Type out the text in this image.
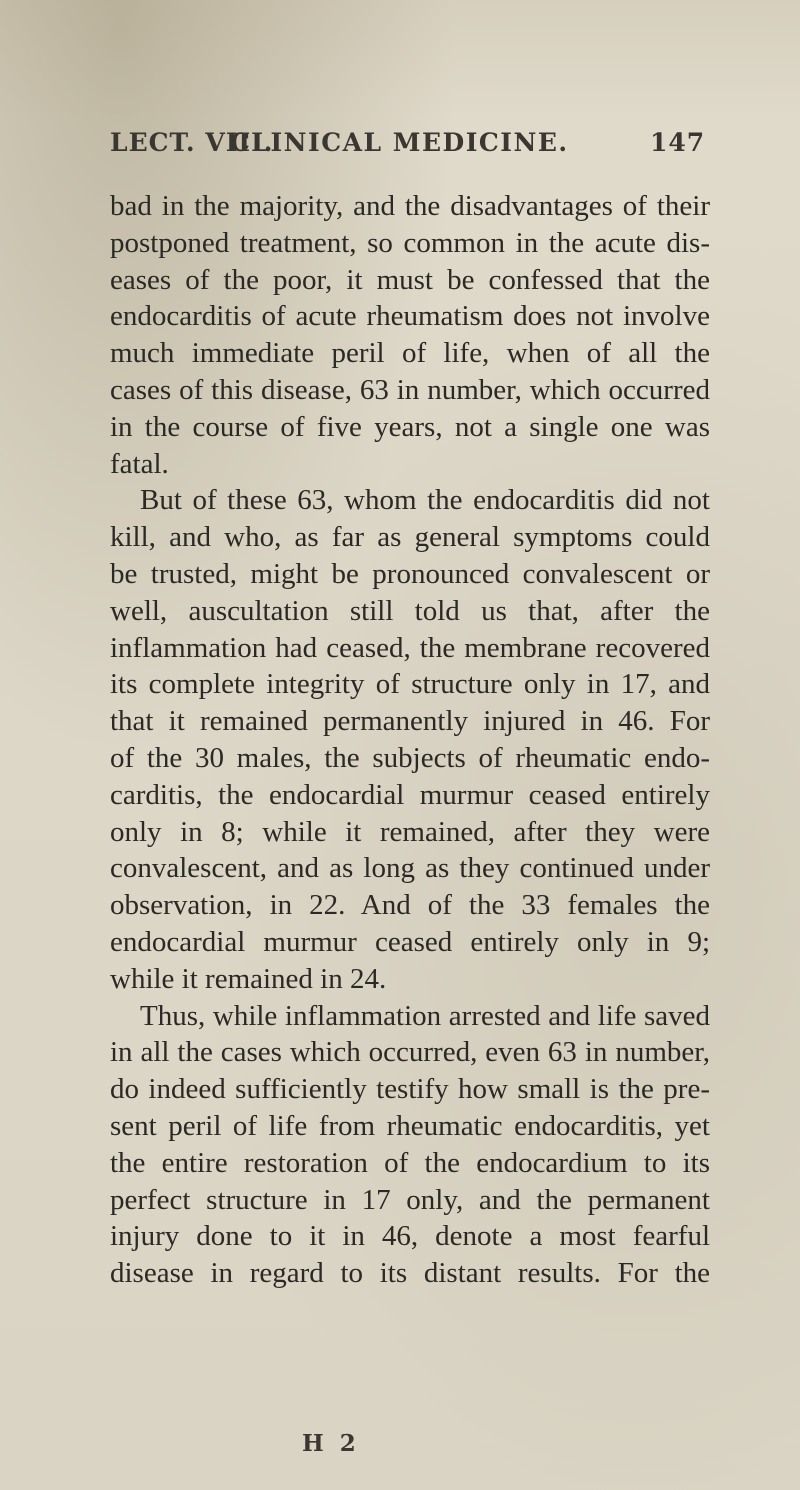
LECT. VIII.
CLINICAL MEDICINE.	147
bad in the majority, and the disadvantages of their
postponed treatment, so common in the acute dis-
eases of the poor, it must be confessed that the
endocarditis of acute rheumatism does not involve
much immediate peril of life, when of all the
cases of this disease, 63 in number, which occurred
in the course of five years, not a single one was
fatal.
But of these 63, whom the endocarditis did not
kill, and who, as far as general symptoms could
be trusted, might be pronounced convalescent or
well, auscultation still told us that, after the
inflammation had ceased, the membrane recovered
its complete integrity of structure only in 17, and
that it remained permanently injured in 46. For
of the 30 males, the subjects of rheumatic endo-
carditis, the endocardial murmur ceased entirely
only in 8; while it remained, after they were
convalescent, and as long as they continued under
observation, in 22. And of the 33 females the
endocardial murmur ceased entirely only in 9;
while it remained in 24.
Thus, while inflammation arrested and life saved
in all the cases which occurred, even 63 in number,
do indeed sufficiently testify how small is the pre-
sent peril of life from rheumatic endocarditis, yet
the entire restoration of the endocardium to its
perfect structure in 17 only, and the permanent
injury done to it in 46, denote a most fearful
disease in regard to its distant results. For the
H 2
